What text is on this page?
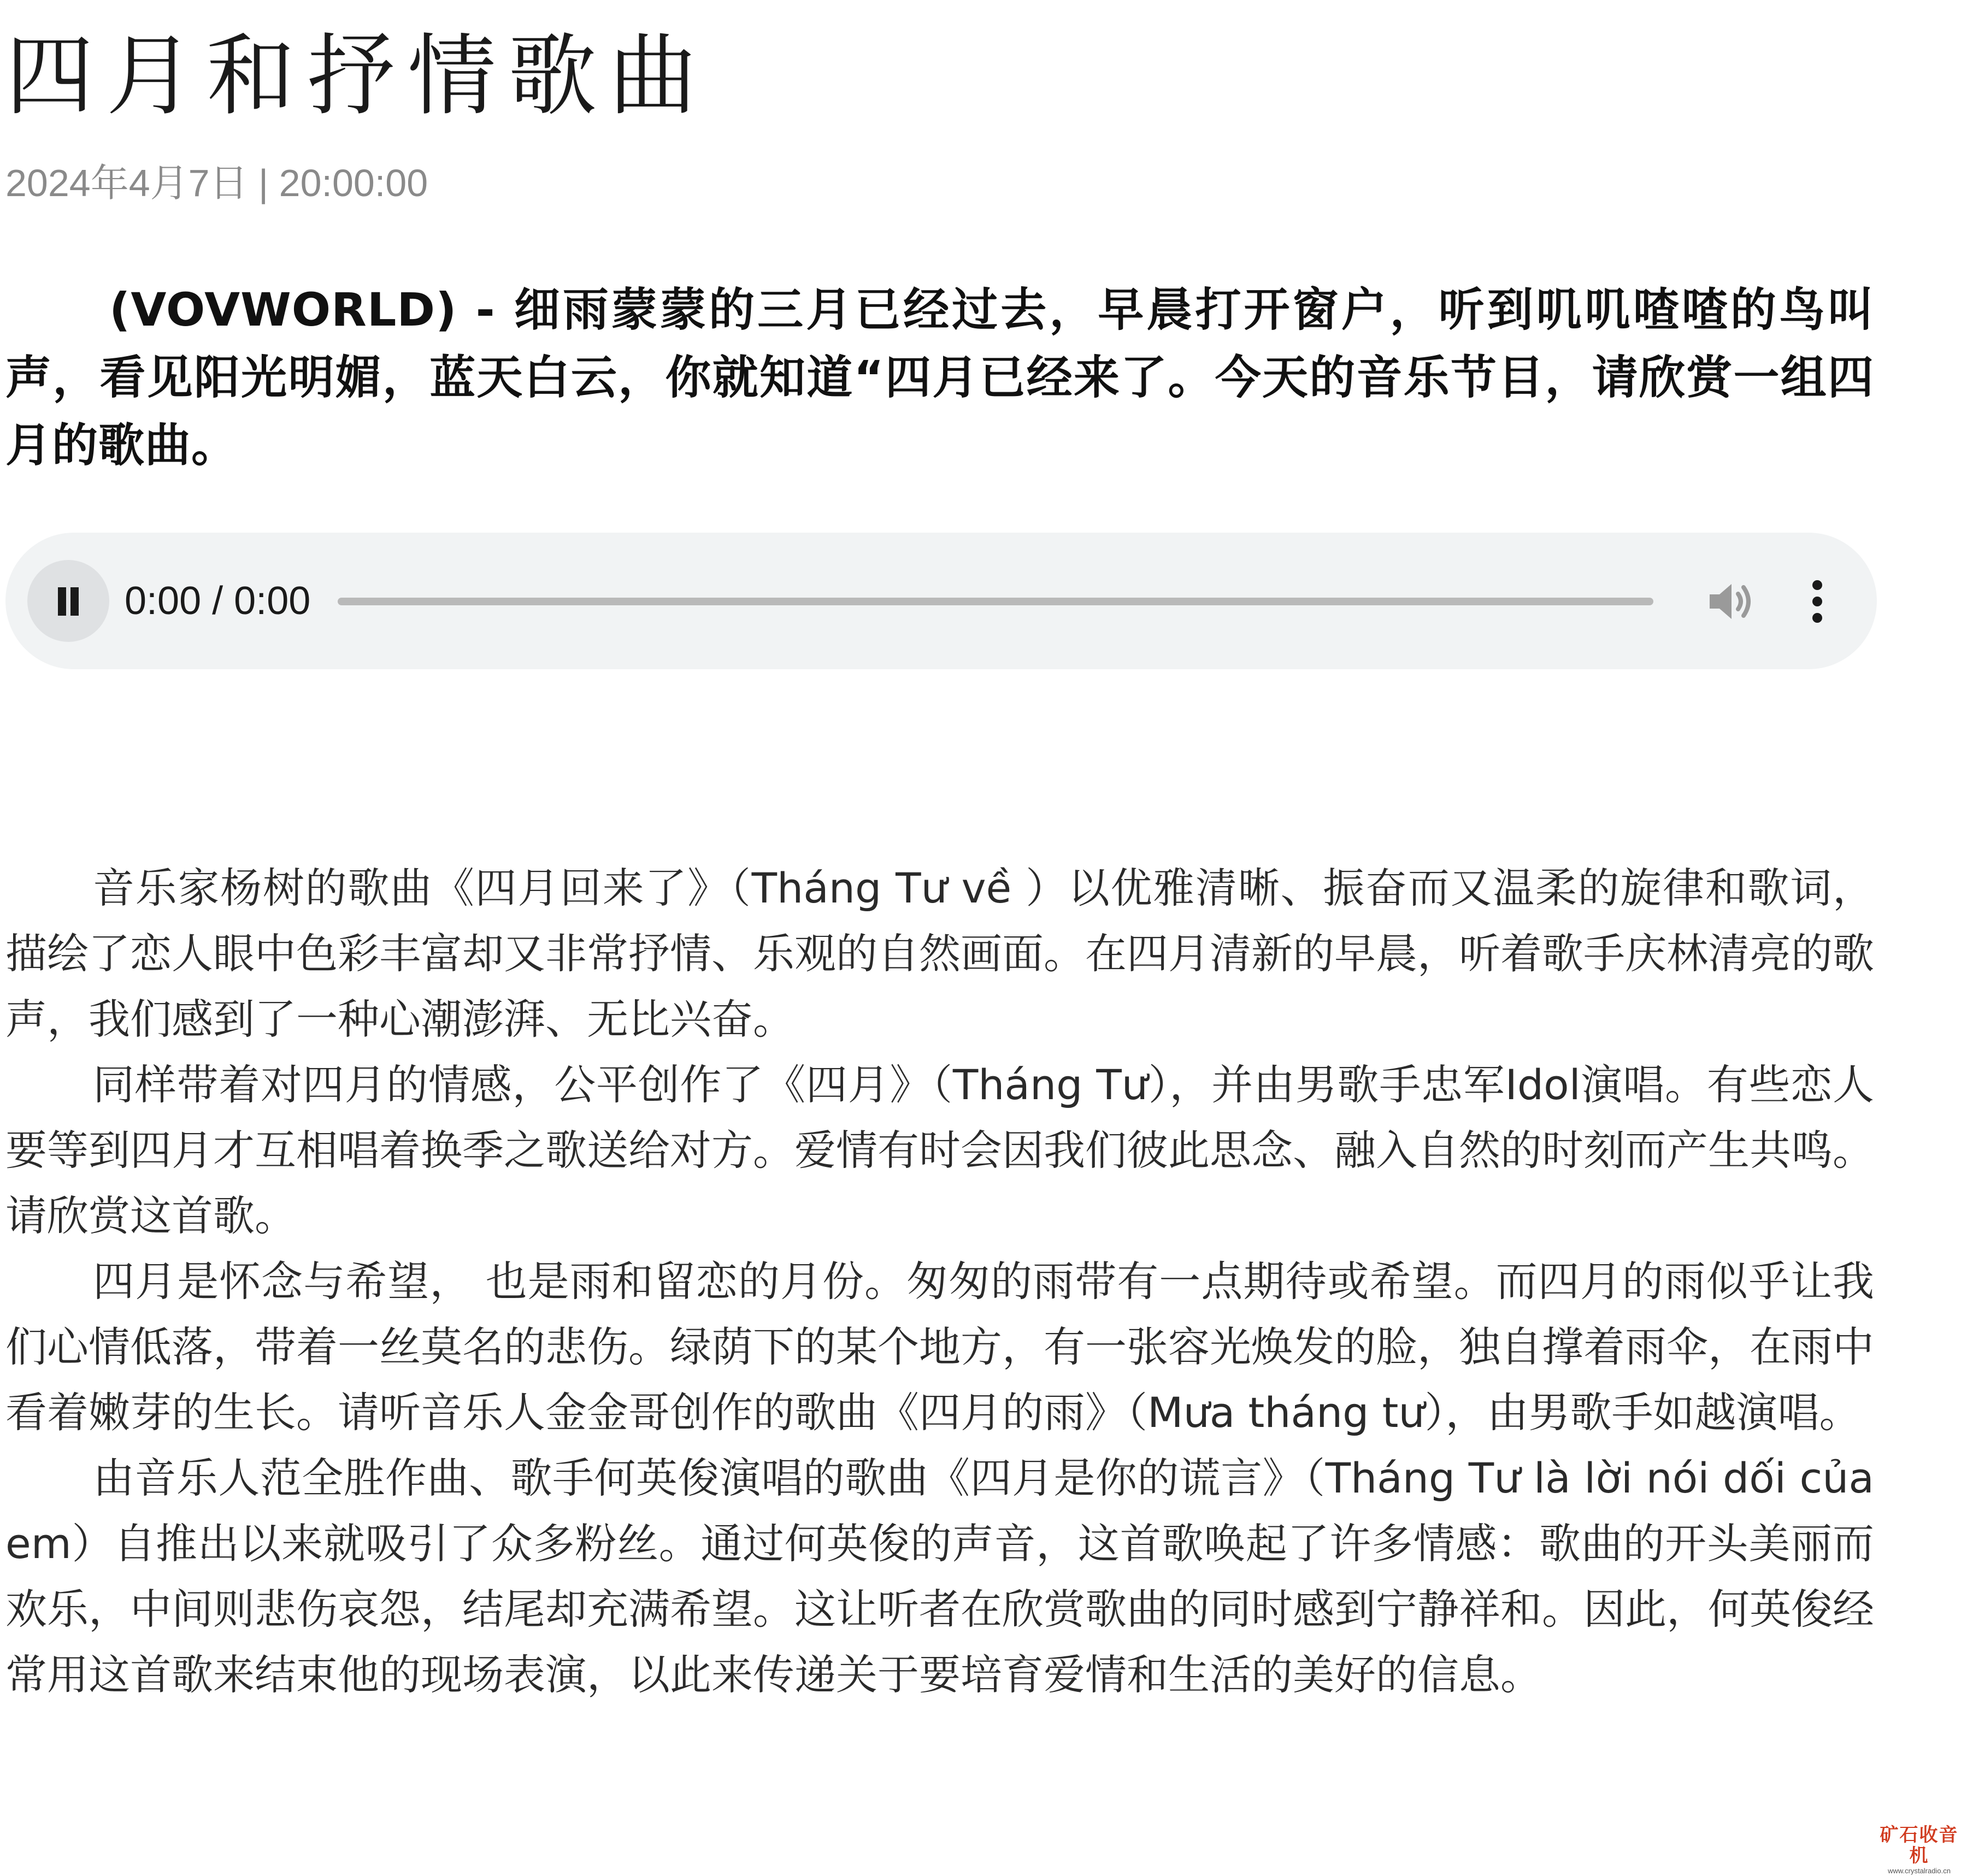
四月和抒情歌曲
2024年4月7日 | 20:00:00

(VOVWORLD) - 细雨蒙蒙的三月已经过去，早晨打开窗户，听到叽叽喳喳的鸟叫声，看见阳光明媚，蓝天白云，你就知道“四月已经来了。今天的音乐节目，请欣赏一组四月的歌曲。

0:00 / 0:00

音乐家杨树的歌曲《四月回来了》（Tháng Tư về ）以优雅清晰、振奋而又温柔的旋律和歌词，描绘了恋人眼中色彩丰富却又非常抒情、乐观的自然画面。在四月清新的早晨，听着歌手庆林清亮的歌声，我们感到了一种心潮澎湃、无比兴奋。

同样带着对四月的情感，公平创作了《四月》（Tháng Tư），并由男歌手忠军Idol演唱。有些恋人要等到四月才互相唱着换季之歌送给对方。爱情有时会因我们彼此思念、融入自然的时刻而产生共鸣。请欣赏这首歌。

四月是怀念与希望， 也是雨和留恋的月份。匆匆的雨带有一点期待或希望。而四月的雨似乎让我们心情低落，带着一丝莫名的悲伤。绿荫下的某个地方，有一张容光焕发的脸，独自撑着雨伞，在雨中看着嫩芽的生长。请听音乐人金金哥创作的歌曲《四月的雨》（Mưa tháng tư），由男歌手如越演唱。

由音乐人范全胜作曲、歌手何英俊演唱的歌曲《四月是你的谎言》（Tháng Tư là lời nói dối của em）自推出以来就吸引了众多粉丝。通过何英俊的声音，这首歌唤起了许多情感：歌曲的开头美丽而欢乐，中间则悲伤哀怨，结尾却充满希望。这让听者在欣赏歌曲的同时感到宁静祥和。因此，何英俊经常用这首歌来结束他的现场表演，以此来传递关于要培育爱情和生活的美好的信息。

矿石收音机
www.crystalradio.cn
